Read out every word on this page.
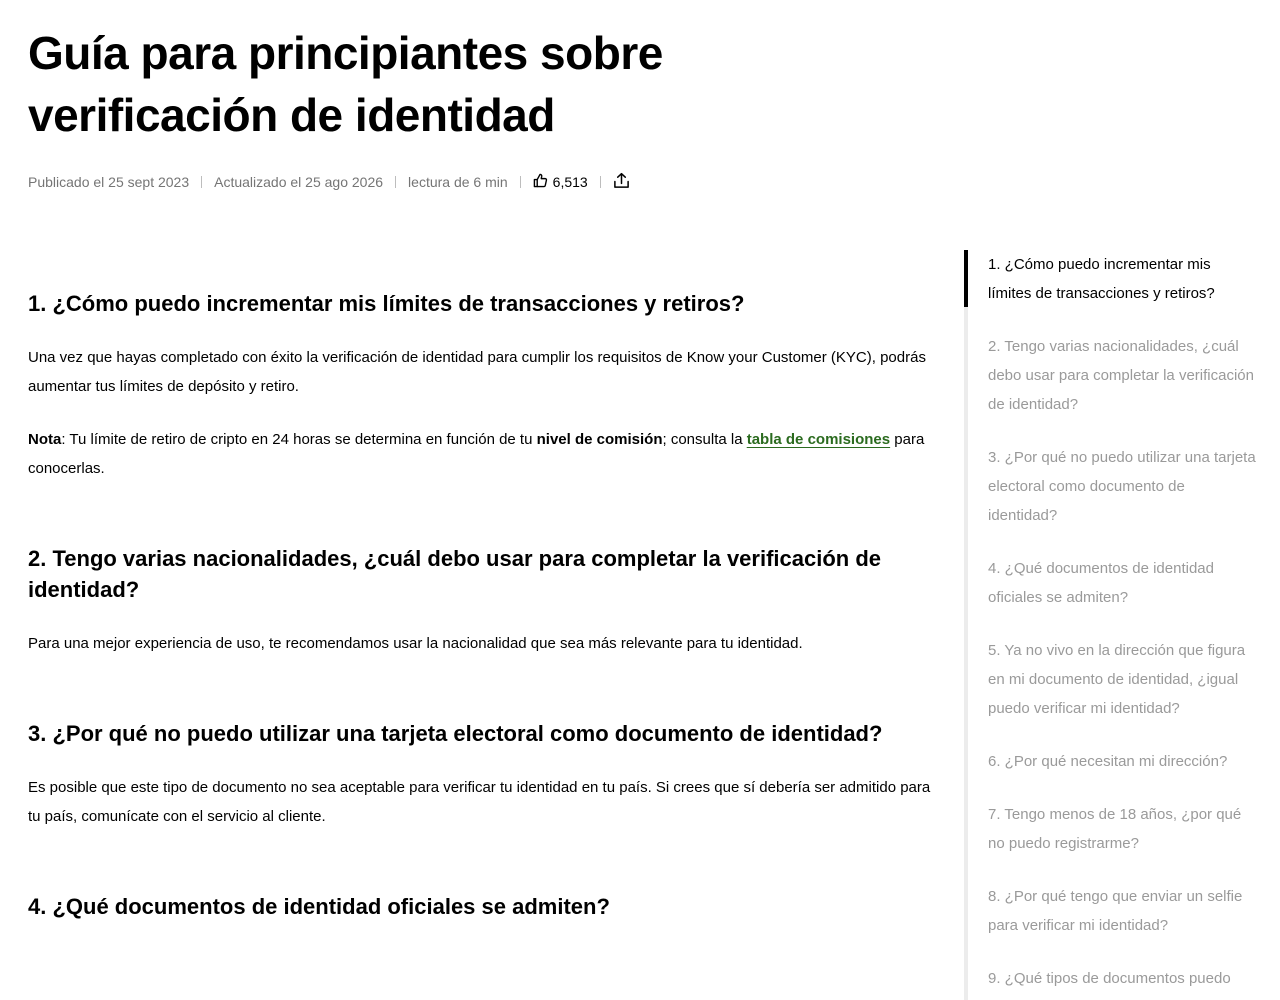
Guía para principiantes sobre verificación de identidad
Publicado el 25 sept 2023 Actualizado el 25 ago 2026 lectura de 6 min	6,513
1. ¿Cómo puedo incrementar mis límites de transacciones y retiros?

Una vez que hayas completado con éxito la verificación de identidad para cumplir los requisitos de Know your Customer (KYC), podrás aumentar tus límites de depósito y retiro.

Nota: Tu límite de retiro de cripto en 24 horas se determina en función de tu nivel de comisión; consulta la tabla de comisiones para conocerlas.

2. Tengo varias nacionalidades, ¿cuál debo usar para completar la verificación de identidad?

Para una mejor experiencia de uso, te recomendamos usar la nacionalidad que sea más relevante para tu identidad.

3. ¿Por qué no puedo utilizar una tarjeta electoral como documento de identidad?

Es posible que este tipo de documento no sea aceptable para verificar tu identidad en tu país. Si crees que sí debería ser admitido para tu país, comunícate con el servicio al cliente.

4. ¿Qué documentos de identidad oficiales se admiten?
1. ¿Cómo puedo incrementar mis límites de transacciones y retiros?
2. Tengo varias nacionalidades, ¿cuál debo usar para completar la verificación de identidad?
3. ¿Por qué no puedo utilizar una tarjeta electoral como documento de identidad?
4. ¿Qué documentos de identidad oficiales se admiten?
5. Ya no vivo en la dirección que figura en mi documento de identidad, ¿igual puedo verificar mi identidad?
6. ¿Por qué necesitan mi dirección?
7. Tengo menos de 18 años, ¿por qué no puedo registrarme?
8. ¿Por qué tengo que enviar un selfie para verificar mi identidad?
9. ¿Qué tipos de documentos puedo
